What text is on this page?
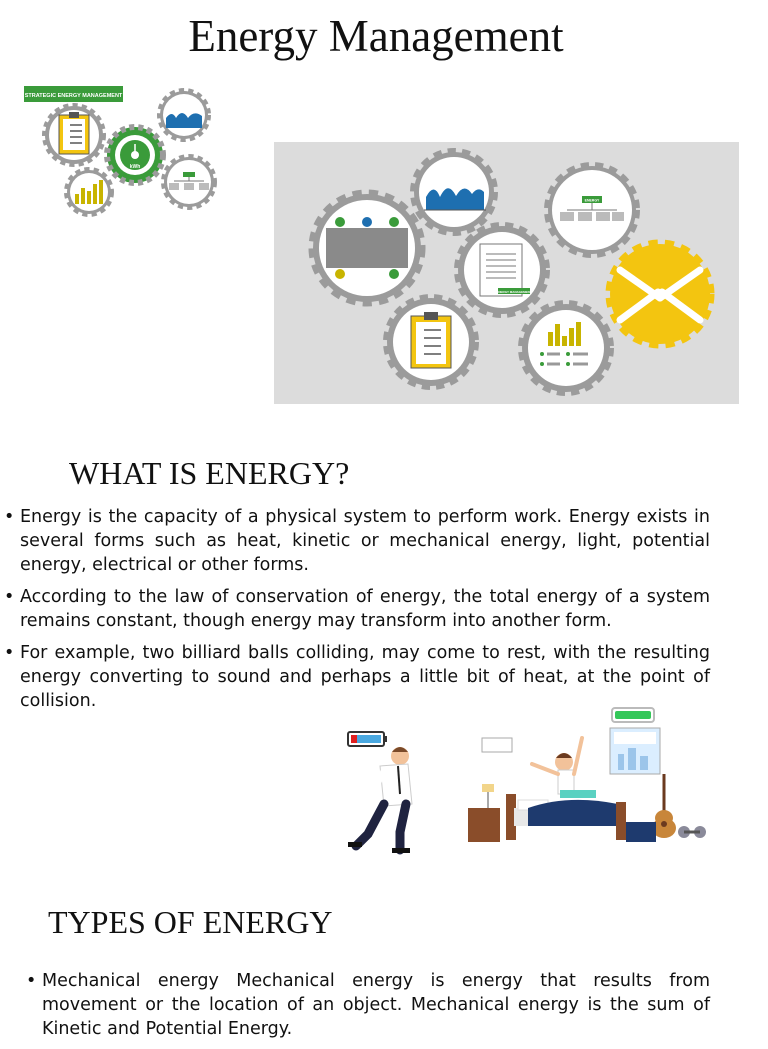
Energy Management
STRATEGIC ENERGY MANAGEMENT
kWh
ENERGY MANAGEMENT
ENERGY
WHAT IS ENERGY?
• Energy is the capacity of a physical system to perform work. Energy exists in several forms such as heat, kinetic or mechanical energy, light, potential energy, electrical or other forms.
• According to the law of conservation of energy, the total energy of a system remains constant, though energy may transform into another form.
• For example, two billiard balls colliding, may come to rest, with the resulting energy converting to sound and perhaps a little bit of heat, at the point of collision.
TYPES OF ENERGY
• Mechanical energy Mechanical energy is energy that results from movement or the location of an object. Mechanical energy is the sum of Kinetic and Potential Energy.
